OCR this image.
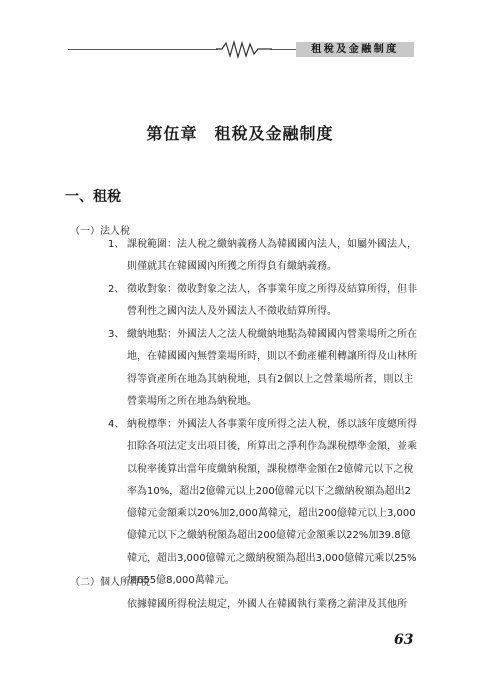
租稅及金融制度
第伍章　租稅及金融制度
一、租稅
（一）法人稅
1、 課稅範圍：法人稅之繳納義務人為韓國國內法人，如屬外國法人，則僅就其在韓國國內所獲之所得負有繳納義務。
2、 徵收對象：徵收對象之法人，各事業年度之所得及結算所得，但非營利性之國內法人及外國法人不徵收結算所得。
3、 繳納地點：外國法人之法人稅繳納地點為韓國國內營業場所之所在地，在韓國國內無營業場所時，則以不動產權利轉讓所得及山林所得等資產所在地為其納稅地，具有2個以上之營業場所者，則以主營業場所之所在地為納稅地。
4、 納稅標準：外國法人各事業年度所得之法人稅，係以該年度總所得扣除各項法定支出項目後，所算出之淨利作為課稅標準金額，並乘以稅率後算出當年度繳納稅額，課稅標準金額在2億韓元以下之稅率為10%，超出2億韓元以上200億韓元以下之繳納稅額為超出2億韓元金額乘以20%加2,000萬韓元，超出200億韓元以上3,000億韓元以下之繳納稅額為超出200億韓元金額乘以22%加39.8億韓元，超出3,000億韓元之繳納稅額為超出3,000億韓元乘以25%加655億8,000萬韓元。
（二）個人所得稅
依據韓國所得稅法規定，外國人在韓國執行業務之薪津及其他所
63
